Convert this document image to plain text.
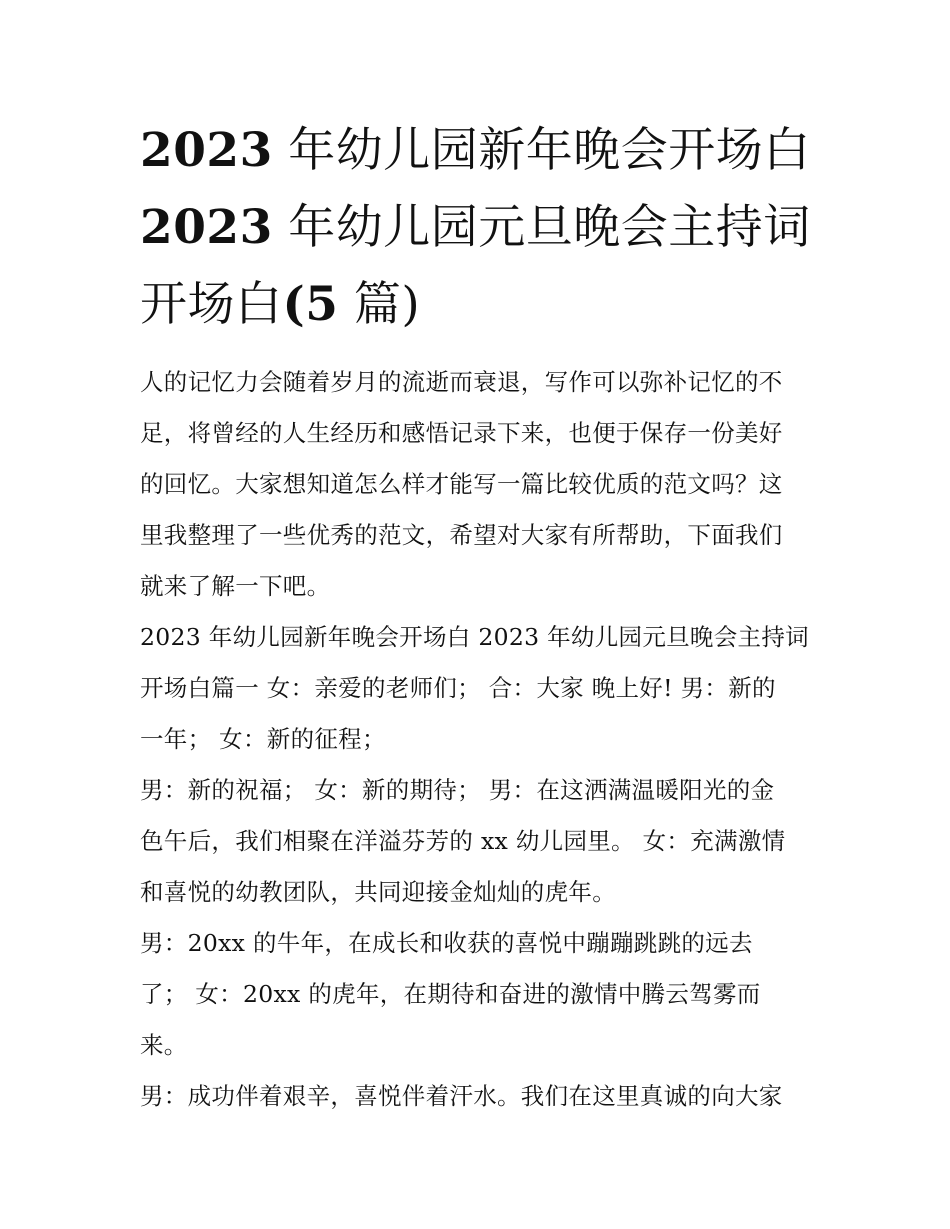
2023 年幼儿园新年晚会开场白
2023 年幼儿园元旦晚会主持词
开场白(5 篇)

人的记忆力会随着岁月的流逝而衰退，写作可以弥补记忆的不
足，将曾经的人生经历和感悟记录下来，也便于保存一份美好
的回忆。大家想知道怎么样才能写一篇比较优质的范文吗？这
里我整理了一些优秀的范文，希望对大家有所帮助，下面我们
就来了解一下吧。

2023 年幼儿园新年晚会开场白 2023 年幼儿园元旦晚会主持词
开场白篇一 女：亲爱的老师们； 合：大家 晚上好! 男：新的
一年； 女：新的征程；

男：新的祝福； 女：新的期待； 男：在这洒满温暖阳光的金
色午后，我们相聚在洋溢芬芳的 xx 幼儿园里。 女：充满激情
和喜悦的幼教团队，共同迎接金灿灿的虎年。

男：20xx 的牛年，在成长和收获的喜悦中蹦蹦跳跳的远去
了； 女：20xx 的虎年，在期待和奋进的激情中腾云驾雾而
来。

男：成功伴着艰辛，喜悦伴着汗水。我们在这里真诚的向大家
